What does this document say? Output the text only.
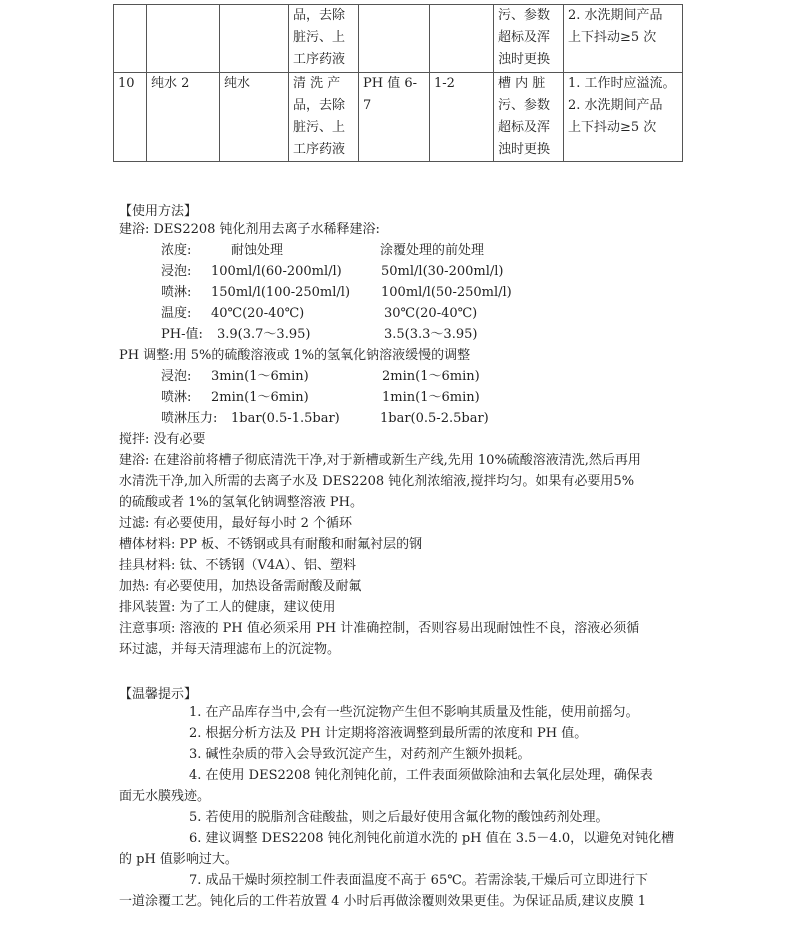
			品，去除
脏污、上
工序药液			污、参数
超标及浑
浊时更换	2. 水洗期间产品
上下抖动≥5 次

10	纯水 2	纯水	清 洗 产
品，去除
脏污、上
工序药液	PH 值 6-7	1-2	槽 内 脏
污、参数
超标及浑
浊时更换	1. 工作时应溢流。
2. 水洗期间产品
上下抖动≥5 次
【使用方法】
建浴: DES2208 钝化剂用去离子水稀释建浴:
浓度:	耐蚀处理	涂覆处理的前处理
浸泡: 100ml/l(60-200ml/l)	50ml/l(30-200ml/l)
喷淋: 150ml/l(100-250ml/l) 100ml/l(50-250ml/l)
温度: 40℃(20-40℃)	30℃(20-40℃)
PH-值: 3.9(3.7～3.95)	3.5(3.3～3.95)
PH 调整:用 5%的硫酸溶液或 1%的氢氧化钠溶液缓慢的调整
浸泡: 3min(1～6min)	2min(1～6min)
喷淋: 2min(1～6min)	1min(1～6min)
喷淋压力: 1bar(0.5-1.5bar)	1bar(0.5-2.5bar)
搅拌: 没有必要
建浴: 在建浴前将槽子彻底清洗干净,对于新槽或新生产线,先用 10%硫酸溶液清洗,然后再用
水清洗干净,加入所需的去离子水及 DES2208 钝化剂浓缩液,搅拌均匀。如果有必要用5%
的硫酸或者 1%的氢氧化钠调整溶液 PH。
过滤: 有必要使用，最好每小时 2 个循环
槽体材料: PP 板、不锈钢或具有耐酸和耐氟衬层的钢
挂具材料: 钛、不锈钢（V4A）、铝、塑料
加热: 有必要使用，加热设备需耐酸及耐氟
排风装置: 为了工人的健康，建议使用
注意事项: 溶液的 PH 值必须采用 PH 计准确控制，否则容易出现耐蚀性不良，溶液必须循
环过滤，并每天清理滤布上的沉淀物。
【温馨提示】
1. 在产品库存当中,会有一些沉淀物产生但不影响其质量及性能，使用前摇匀。
2. 根据分析方法及 PH 计定期将溶液调整到最所需的浓度和 PH 值。
3. 碱性杂质的带入会导致沉淀产生，对药剂产生额外损耗。
4. 在使用 DES2208 钝化剂钝化前，工件表面须做除油和去氧化层处理，确保表
面无水膜残迹。
5. 若使用的脱脂剂含硅酸盐，则之后最好使用含氟化物的酸蚀药剂处理。
6. 建议调整 DES2208 钝化剂钝化前道水洗的 pH 值在 3.5－4.0，以避免对钝化槽
的 pH 值影响过大。
7. 成品干燥时须控制工件表面温度不高于 65℃。若需涂装,干燥后可立即进行下
一道涂覆工艺。钝化后的工件若放置 4 小时后再做涂覆则效果更佳。为保证品质,建议皮膜 1
